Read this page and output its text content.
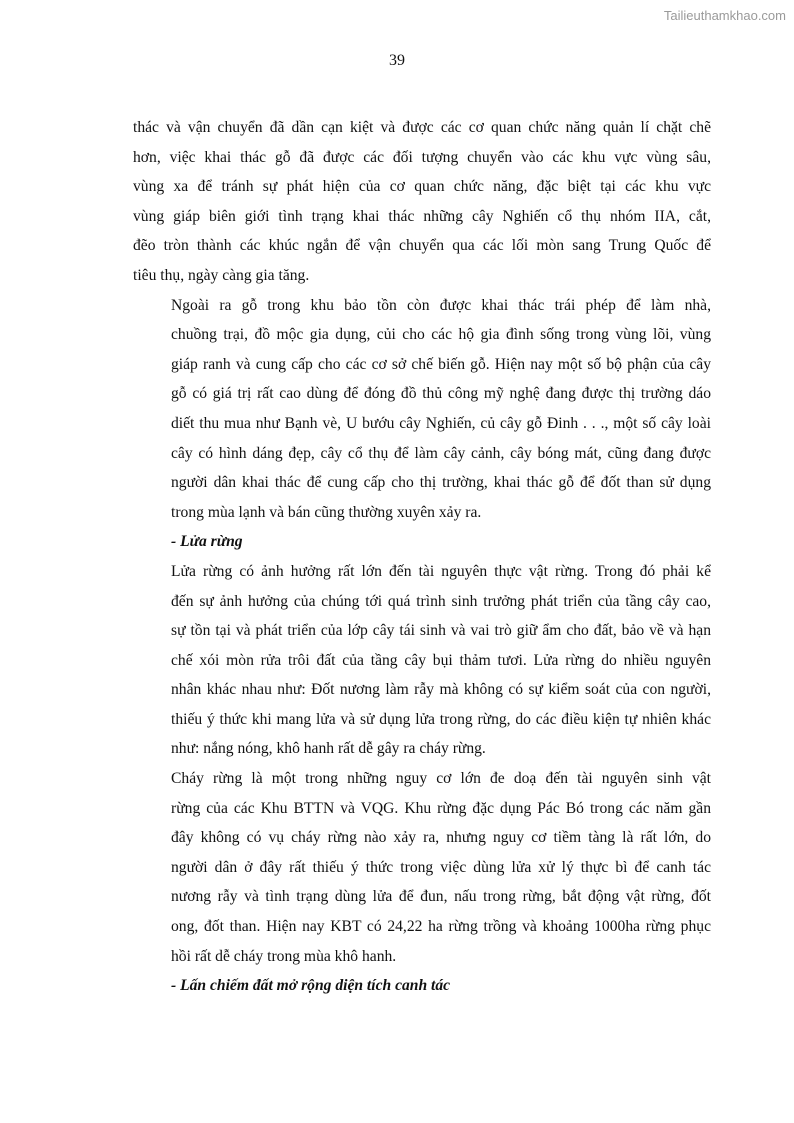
Tailieuthamkhao.com
39

thác và vận chuyển đã dần cạn kiệt và được các cơ quan chức năng quản lí chặt chẽ
hơn, việc khai thác gỗ đã được các đối tượng chuyển vào các khu vực vùng sâu,
vùng xa để tránh sự phát hiện của cơ quan chức năng, đặc biệt tại các khu vực
vùng giáp biên giới tình trạng khai thác những cây Nghiến cổ thụ nhóm IIA, cắt,
đẽo tròn thành các khúc ngắn để vận chuyển qua các lối mòn sang Trung Quốc để
tiêu thụ, ngày càng gia tăng.

Ngoài ra gỗ trong khu bảo tồn còn được khai thác trái phép để làm nhà,
chuồng trại, đồ mộc gia dụng, củi cho các hộ gia đình sống trong vùng lõi, vùng
giáp ranh và cung cấp cho các cơ sở chế biến gỗ. Hiện nay một số bộ phận của cây
gỗ có giá trị rất cao dùng để đóng đồ thủ công mỹ nghệ đang được thị trường dáo
diết thu mua như Bạnh vè, U bướu cây Nghiến, củ cây gỗ Đinh . . ., một số cây loài
cây có hình dáng đẹp, cây cổ thụ để làm cây cảnh, cây bóng mát, cũng đang được
người dân khai thác để cung cấp cho thị trường, khai thác gỗ để đốt than sử dụng
trong mùa lạnh và bán cũng thường xuyên xảy ra.

- Lửa rừng

Lửa rừng có ảnh hưởng rất lớn đến tài nguyên thực vật rừng. Trong đó phải kể
đến sự ảnh hưởng của chúng tới quá trình sinh trưởng phát triển của tầng cây cao,
sự tồn tại và phát triển của lớp cây tái sinh và vai trò giữ ẩm cho đất, bảo về và hạn
chế xói mòn rửa trôi đất của tầng cây bụi thảm tươi. Lửa rừng do nhiều nguyên
nhân khác nhau như: Đốt nương làm rẫy mà không có sự kiểm soát của con người,
thiếu ý thức khi mang lửa và sử dụng lửa trong rừng, do các điều kiện tự nhiên khác
như: nắng nóng, khô hanh rất dễ gây ra cháy rừng.

Cháy rừng là một trong những nguy cơ lớn đe doạ đến tài nguyên sinh vật
rừng của các Khu BTTN và VQG. Khu rừng đặc dụng Pác Bó trong các năm gần
đây không có vụ cháy rừng nào xảy ra, nhưng nguy cơ tiềm tàng là rất lớn, do
người dân ở đây rất thiếu ý thức trong việc dùng lửa xử lý thực bì để canh tác
nương rẫy và tình trạng dùng lửa để đun, nấu trong rừng, bắt động vật rừng, đốt
ong, đốt than. Hiện nay KBT có 24,22 ha rừng trồng và khoảng 1000ha rừng phục
hồi rất dễ cháy trong mùa khô hanh.

- Lấn chiếm đất mở rộng diện tích canh tác
